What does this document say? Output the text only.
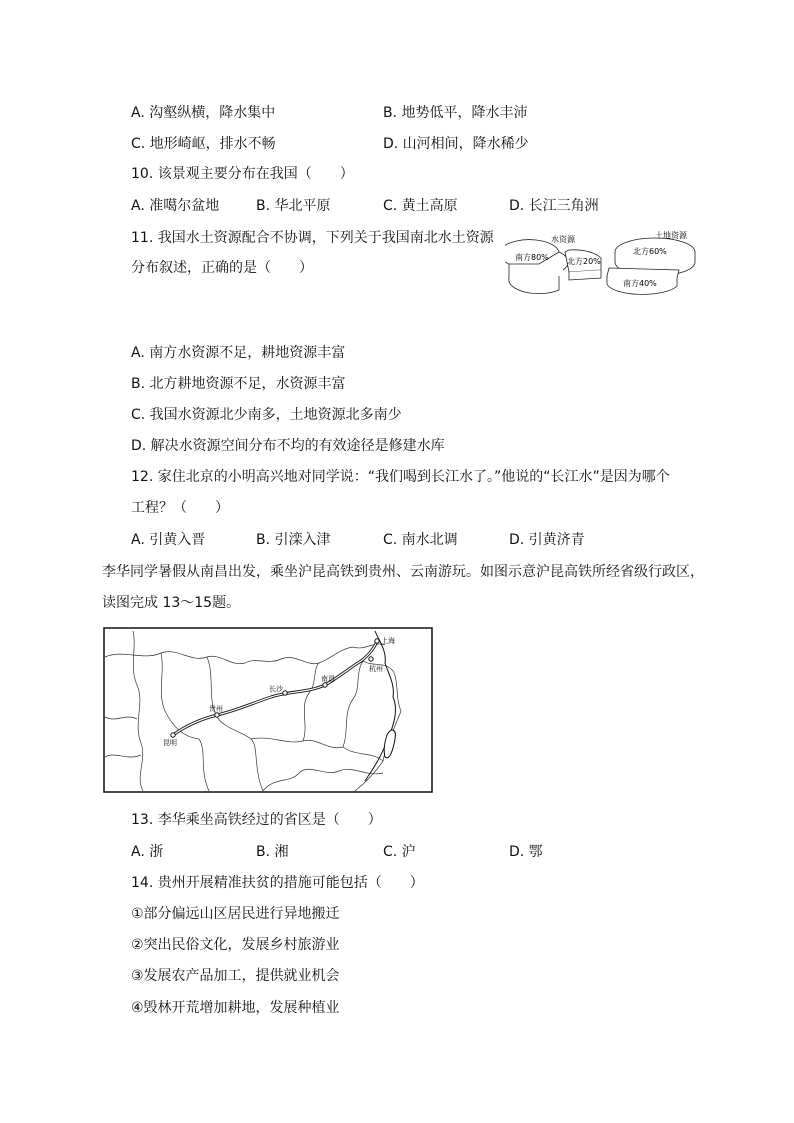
A. 沟壑纵横，降水集中	B. 地势低平，降水丰沛
C. 地形崎岖，排水不畅	D. 山河相间，降水稀少
10. 该景观主要分布在我国（　　）
A. 准噶尔盆地	B. 华北平原	C. 黄土高原	D. 长江三角洲
11. 我国水土资源配合不协调，下列关于我国南北水土资源
分布叙述，正确的是（　　）
水资源
南方80% 北方20%
土地资源
北方60%
南方40%
A. 南方水资源不足，耕地资源丰富
B. 北方耕地资源不足，水资源丰富
C. 我国水资源北少南多，土地资源北多南少
D. 解决水资源空间分布不均的有效途径是修建水库
12. 家住北京的小明高兴地对同学说：“我们喝到长江水了。”他说的“长江水”是因为哪个
工程？（　　）
A. 引黄入晋	B. 引滦入津	C. 南水北调	D. 引黄济青
李华同学暑假从南昌出发，乘坐沪昆高铁到贵州、云南游玩。如图示意沪昆高铁所经省级行政区，
读图完成 13～15题。
上海
杭州
南昌
长沙
贵州
昆明
13. 李华乘坐高铁经过的省区是（　　）
A. 浙	B. 湘	C. 沪	D. 鄂
14. 贵州开展精准扶贫的措施可能包括（　　）
①部分偏远山区居民进行异地搬迁
②突出民俗文化，发展乡村旅游业
③发展农产品加工，提供就业机会
④毁林开荒增加耕地，发展种植业
